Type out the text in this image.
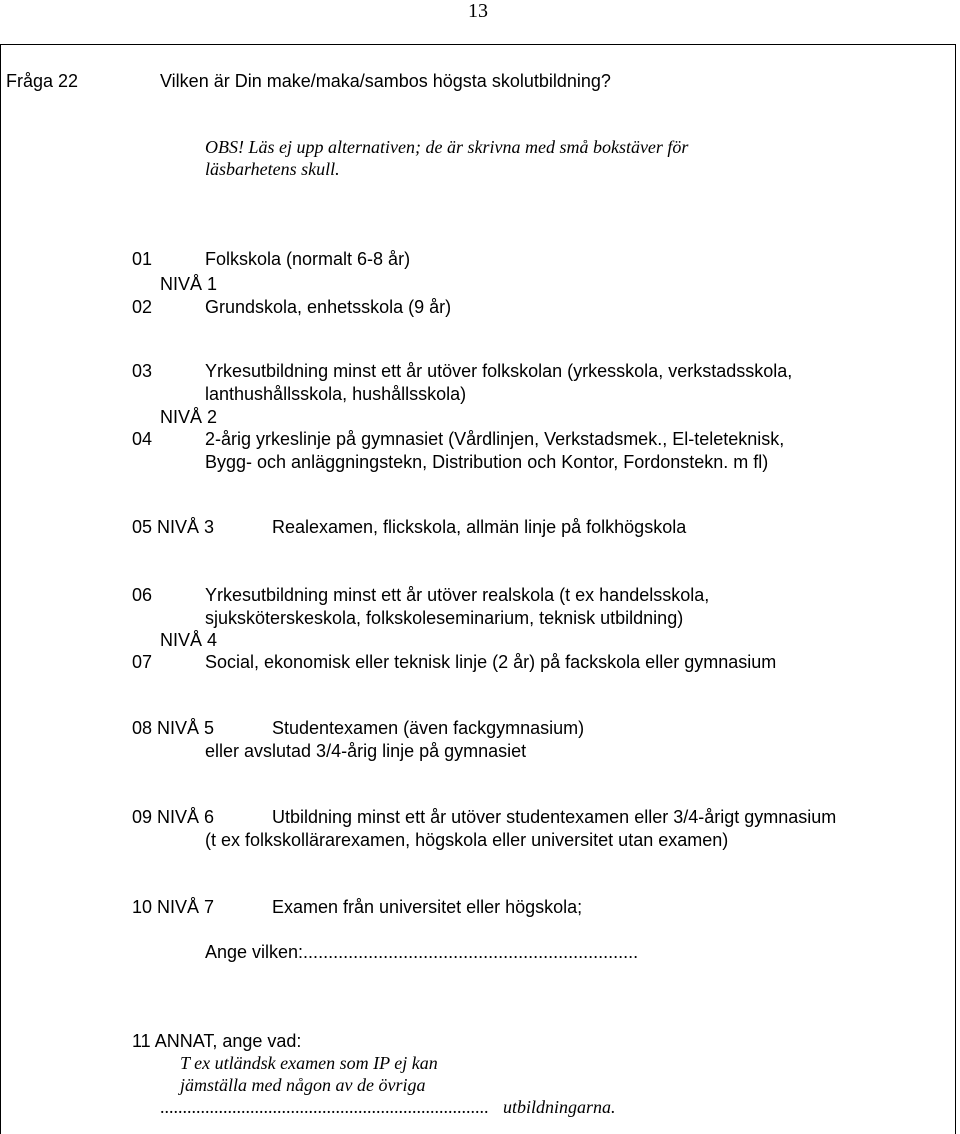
13
Fråga 22	Vilken är Din make/maka/sambos högsta skolutbildning?
OBS! Läs ej upp alternativen; de är skrivna med små bokstäver för
läsbarhetens skull.
01	Folkskola (normalt 6-8 år)
NIVÅ 1
02	Grundskola, enhetsskola (9 år)
03	Yrkesutbildning minst ett år utöver folkskolan (yrkesskola, verkstadsskola,
lanthushållsskola, hushållsskola)
NIVÅ 2
04	2-årig yrkeslinje på gymnasiet (Vårdlinjen, Verkstadsmek., El-teleteknisk,
Bygg- och anläggningstekn, Distribution och Kontor, Fordonstekn. m fl)
05 NIVÅ 3	Realexamen, flickskola, allmän linje på folkhögskola
06	Yrkesutbildning minst ett år utöver realskola (t ex handelsskola,
sjuksköterskeskola, folkskoleseminarium, teknisk utbildning)
NIVÅ 4
07	Social, ekonomisk eller teknisk linje (2 år) på fackskola eller gymnasium
08 NIVÅ 5	Studentexamen (även fackgymnasium)
eller avslutad 3/4-årig linje på gymnasiet
09 NIVÅ 6	Utbildning minst ett år utöver studentexamen eller 3/4-årigt gymnasium
(t ex folkskollärarexamen, högskola eller universitet utan examen)
10 NIVÅ 7	Examen från universitet eller högskola;
Ange vilken:...................................................................
11 ANNAT, ange vad:
T ex utländsk examen som IP ej kan
jämställa med någon av de övriga
......................................................................... utbildningarna.
